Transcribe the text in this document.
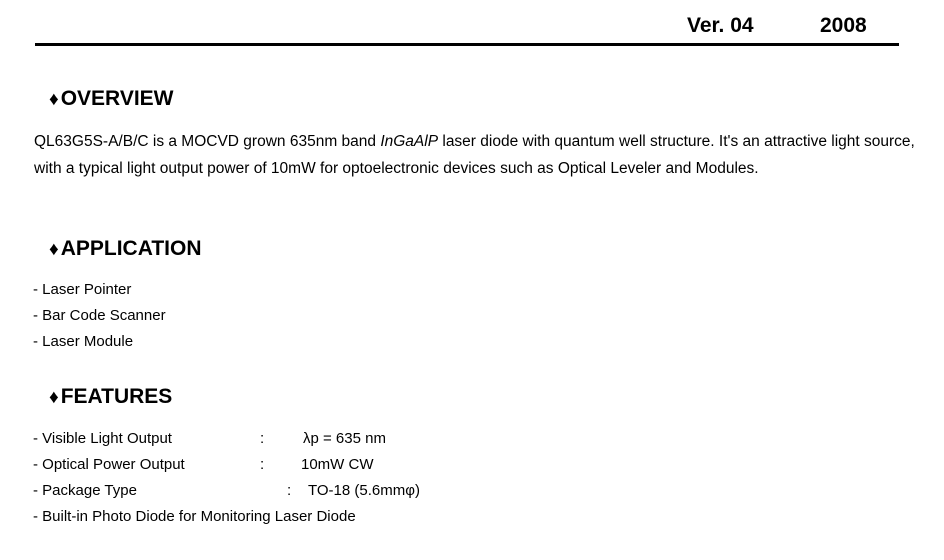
Ver. 04	2008
♦OVERVIEW
QL63G5S-A/B/C is a MOCVD grown 635nm band InGaAlP laser diode with quantum well structure. It's an attractive light source, with a typical light output power of 10mW for optoelectronic devices such as Optical Leveler and Modules.
♦APPLICATION
- Laser Pointer
- Bar Code Scanner
- Laser Module
♦FEATURES
- Visible Light Output	:	λp = 635 nm
- Optical Power Output	: 10mW CW
- Package Type	: TO-18 (5.6mmφ)
- Built-in Photo Diode for Monitoring Laser Diode
